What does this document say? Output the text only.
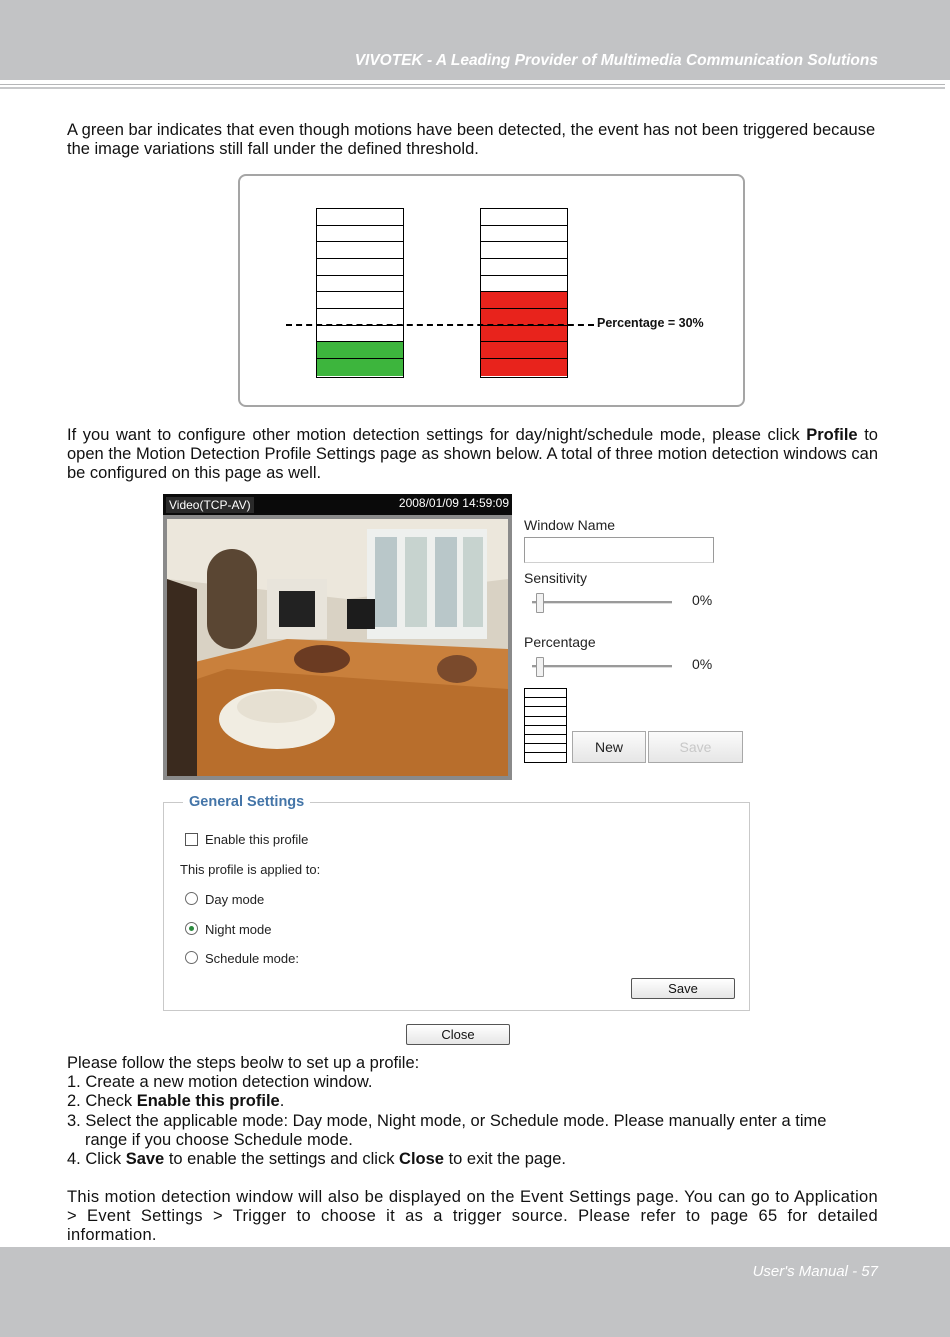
VIVOTEK - A Leading Provider of Multimedia Communication Solutions
A green bar indicates that even though motions have been detected, the event has not been triggered because the image variations still fall under the defined threshold.
Percentage = 30%
If you want to configure other motion detection settings for day/night/schedule mode, please click Profile to open the Motion Detection Profile Settings page as shown below. A total of three motion detection windows can be configured on this page as well.
Video(TCP-AV)	2008/01/09 14:59:09
Window Name
Sensitivity
0%
Percentage
0%
New	Save
General Settings
Enable this profile
This profile is applied to:
Day mode
Night mode
Schedule mode:
Save
Close
Please follow the steps beolw to set up a profile:
1. Create a new motion detection window.
2. Check Enable this profile.
3. Select the applicable mode: Day mode, Night mode, or Schedule mode. Please manually enter a time
range if you choose Schedule mode.
4. Click Save to enable the settings and click Close to exit the page.
This motion detection window will also be displayed on the Event Settings page. You can go to Application > Event Settings > Trigger to choose it as a trigger source. Please refer to page 65 for detailed information.
User's Manual - 57
